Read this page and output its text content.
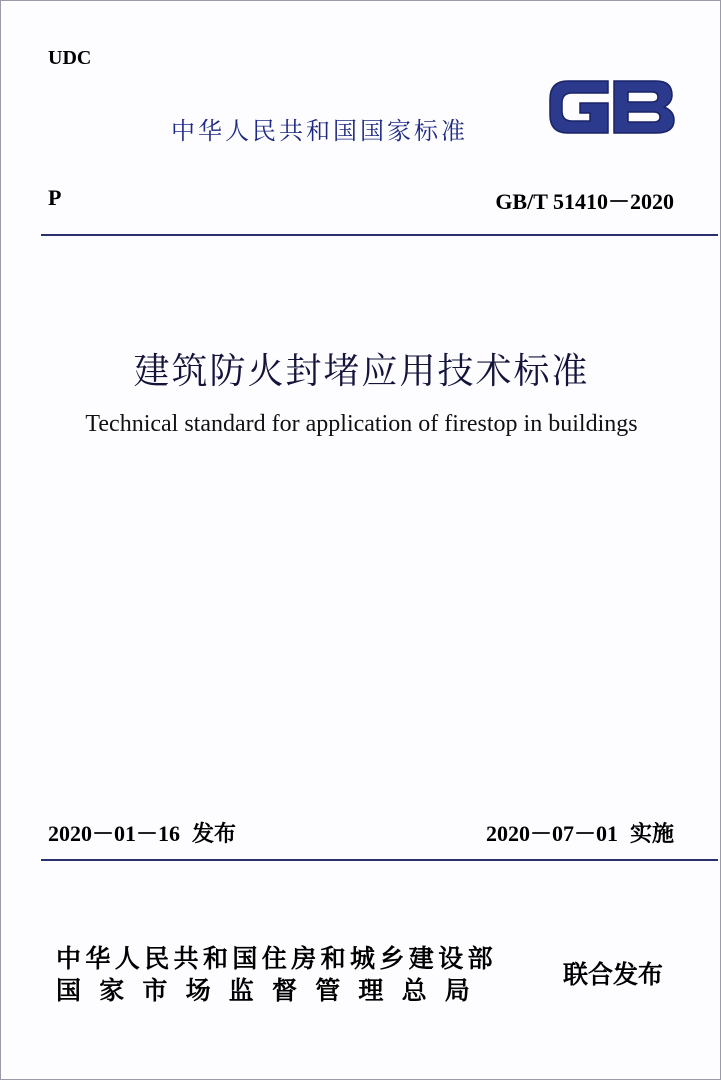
UDC
中华人民共和国国家标准
P	GB/T 51410－2020
建筑防火封堵应用技术标准
Technical standard for application of firestop in buildings
2020－01－16 发布	2020－07－01 实施
中华人民共和国住房和城乡建设部
国家市场监督管理总局
联合发布
